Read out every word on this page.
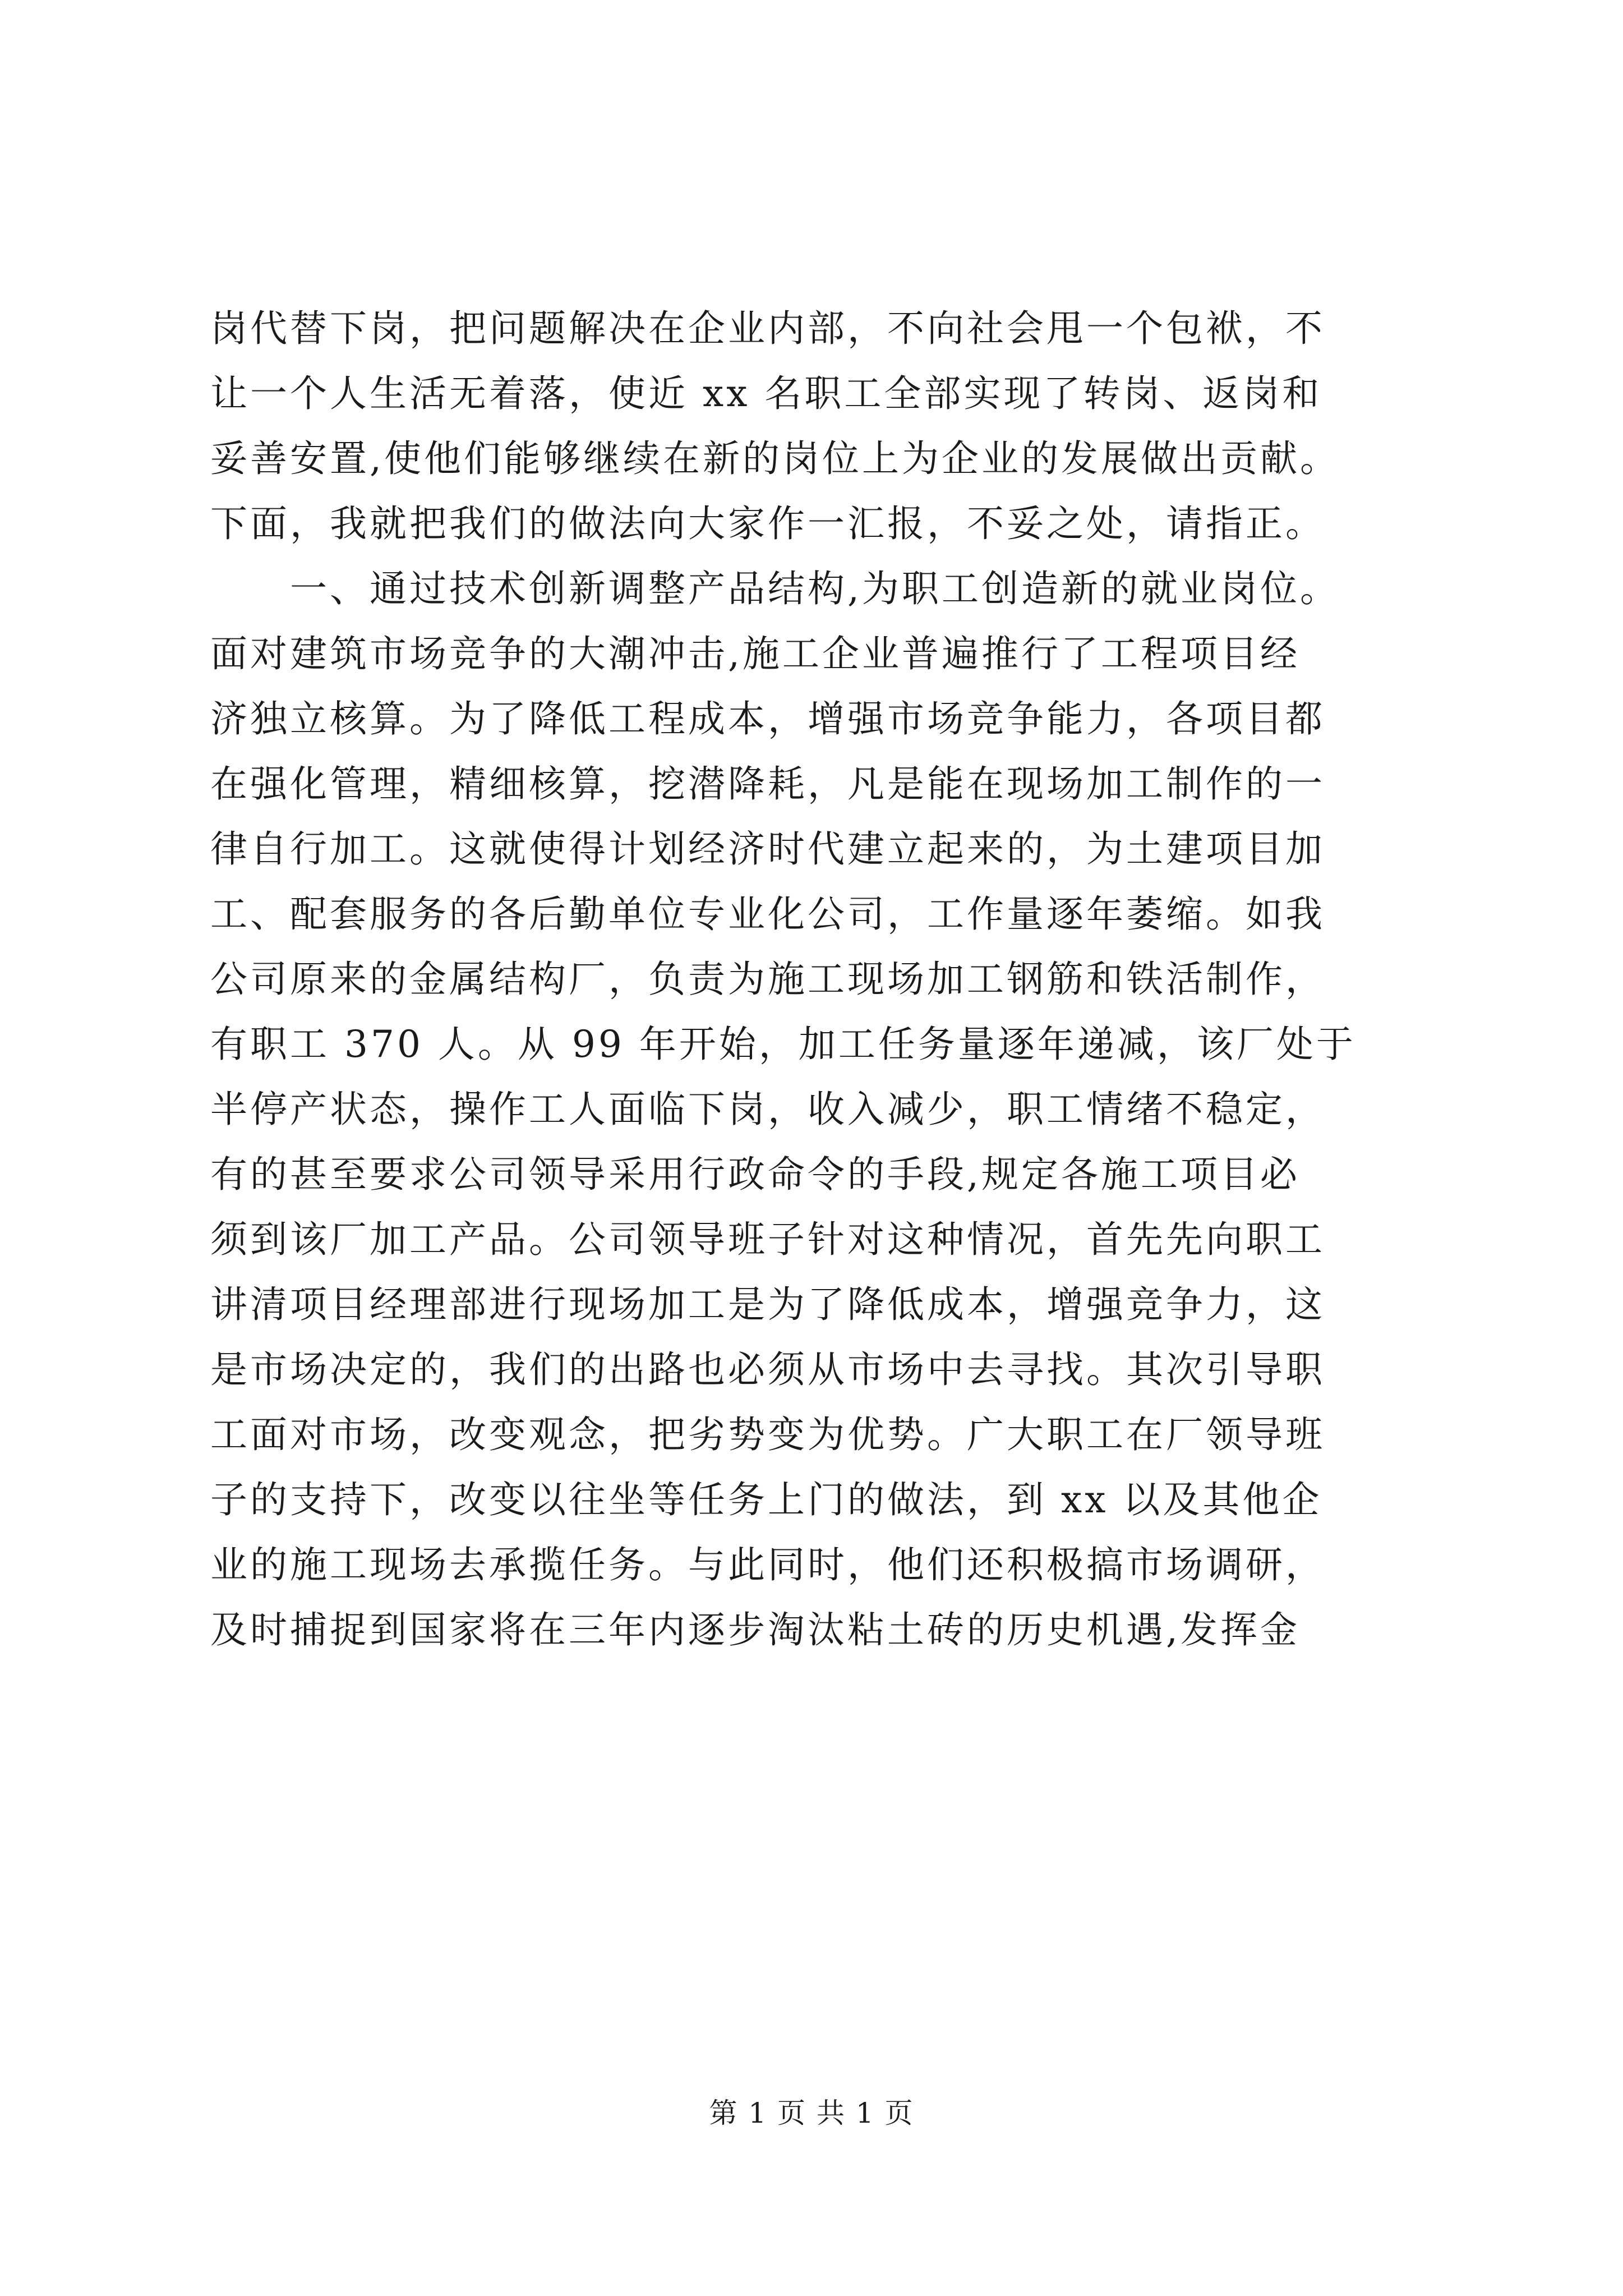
岗代替下岗，把问题解决在企业内部，不向社会甩一个包袱，不
让一个人生活无着落，使近 xx 名职工全部实现了转岗、返岗和
妥善安置,使他们能够继续在新的岗位上为企业的发展做出贡献。
下面，我就把我们的做法向大家作一汇报，不妥之处，请指正。
　　一、通过技术创新调整产品结构,为职工创造新的就业岗位。
面对建筑市场竞争的大潮冲击,施工企业普遍推行了工程项目经
济独立核算。为了降低工程成本，增强市场竞争能力，各项目都
在强化管理，精细核算，挖潜降耗，凡是能在现场加工制作的一
律自行加工。这就使得计划经济时代建立起来的，为土建项目加
工、配套服务的各后勤单位专业化公司，工作量逐年萎缩。如我
公司原来的金属结构厂，负责为施工现场加工钢筋和铁活制作，
有职工 370 人。从 99 年开始，加工任务量逐年递减，该厂处于
半停产状态，操作工人面临下岗，收入减少，职工情绪不稳定，
有的甚至要求公司领导采用行政命令的手段,规定各施工项目必
须到该厂加工产品。公司领导班子针对这种情况，首先先向职工
讲清项目经理部进行现场加工是为了降低成本，增强竞争力，这
是市场决定的，我们的出路也必须从市场中去寻找。其次引导职
工面对市场，改变观念，把劣势变为优势。广大职工在厂领导班
子的支持下，改变以往坐等任务上门的做法，到 xx 以及其他企
业的施工现场去承揽任务。与此同时，他们还积极搞市场调研，
及时捕捉到国家将在三年内逐步淘汰粘土砖的历史机遇,发挥金
第 1 页 共 1 页
